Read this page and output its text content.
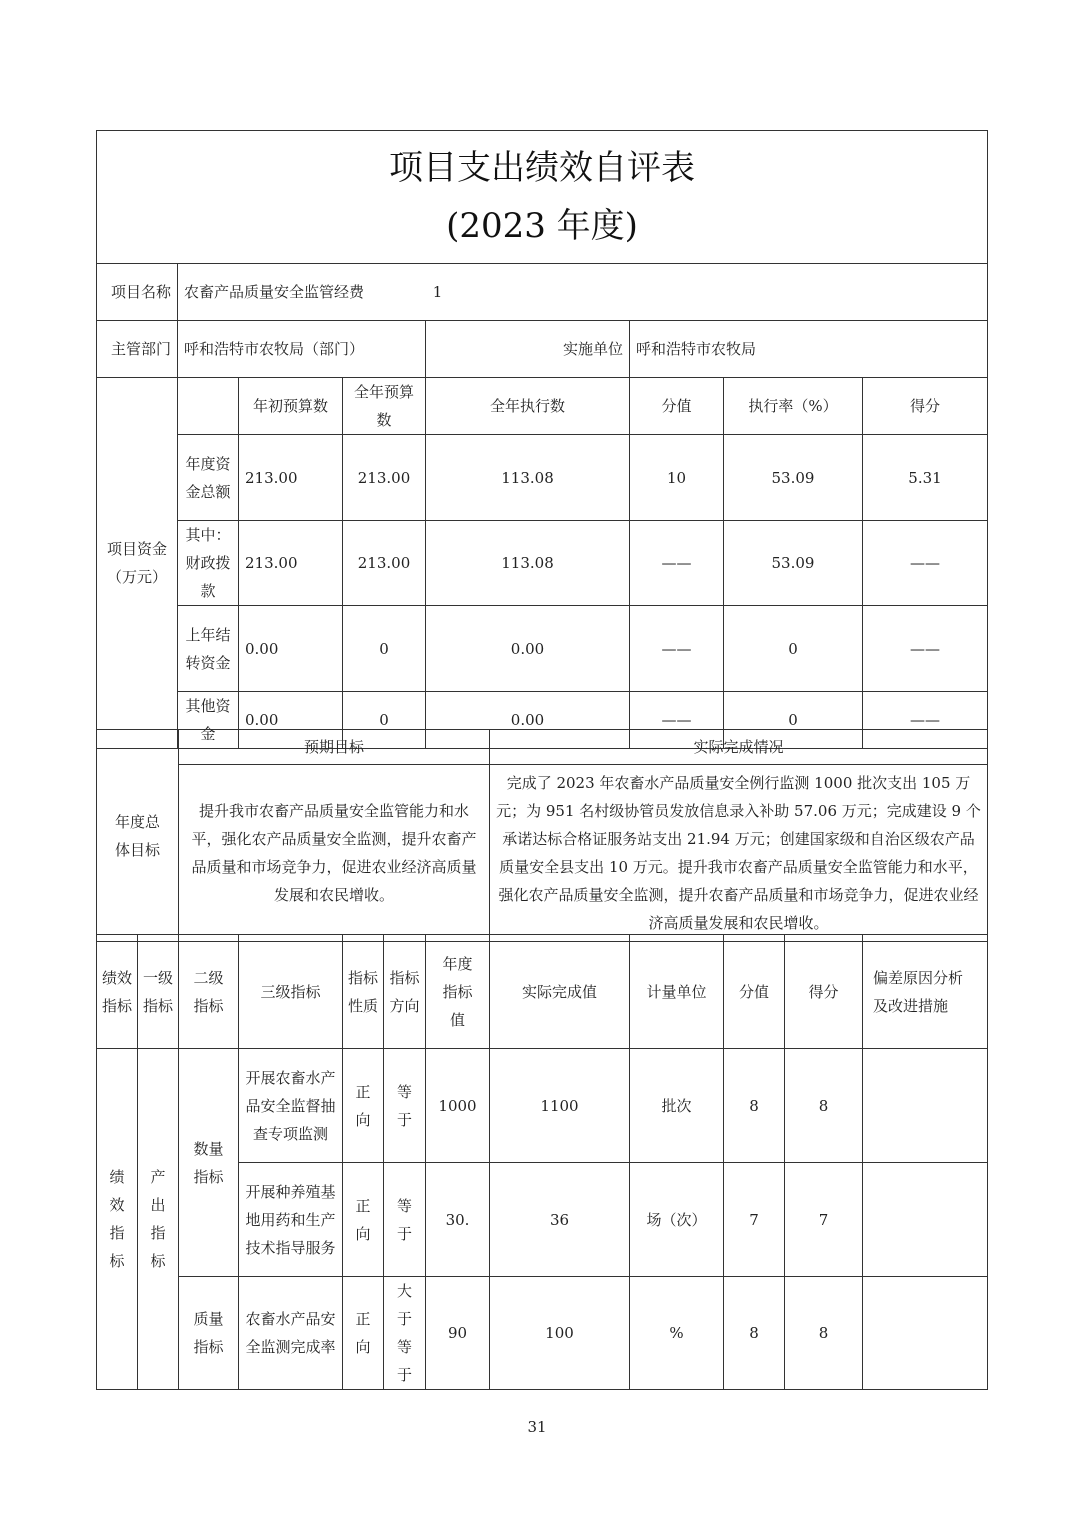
项目支出绩效自评表
(2023 年度)							

项目名称	农畜产品质量安全监管经费 1						
主管部门	呼和浩特市农牧局（部门）			实施单位	呼和浩特市农牧局		
项目资金（万元）		年初预算数	全年预算数	全年执行数	分值	执行率（%）	得分
	年度资金总额	213.00	213.00	113.08	10	53.09	5.31
	其中：财政拨款	213.00	213.00	113.08	——	53.09	——
	上年结转资金	0.00	0	0.00	——	0	——
	其他资金	0.00	0	0.00	——	0	——
年度总体目标	预期目标	实际完成情况
	提升我市农畜产品质量安全监管能力和水平，强化农产品质量安全监测，提升农畜产品质量和市场竞争力，促进农业经济高质量发展和农民增收。	完成了 2023 年农畜水产品质量安全例行监测 1000 批次支出 105 万元；为 951 名村级协管员发放信息录入补助 57.06 万元；完成建设 9 个承诺达标合格证服务站支出 21.94 万元；创建国家级和自治区级农产品质量安全县支出 10 万元。提升我市农畜产品质量安全监管能力和水平，强化农产品质量安全监测，提升农畜产品质量和市场竞争力，促进农业经济高质量发展和农民增收。
绩效指标	一级指标	二级指标	三级指标	指标性质	指标方向	年度指标值	实际完成值	计量单位	分值	得分	偏差原因分析及改进措施
绩效指标	产出指标	数量指标	开展农畜水产品安全监督抽查专项监测	正向	等于	1000	1100	批次	8	8	
			开展种养殖基地用药和生产技术指导服务	正向	等于	30.	36	场（次）	7	7	
		质量指标	农畜水产品安全监测完成率	正向	大于等于	90	100	%	8	8	
31
